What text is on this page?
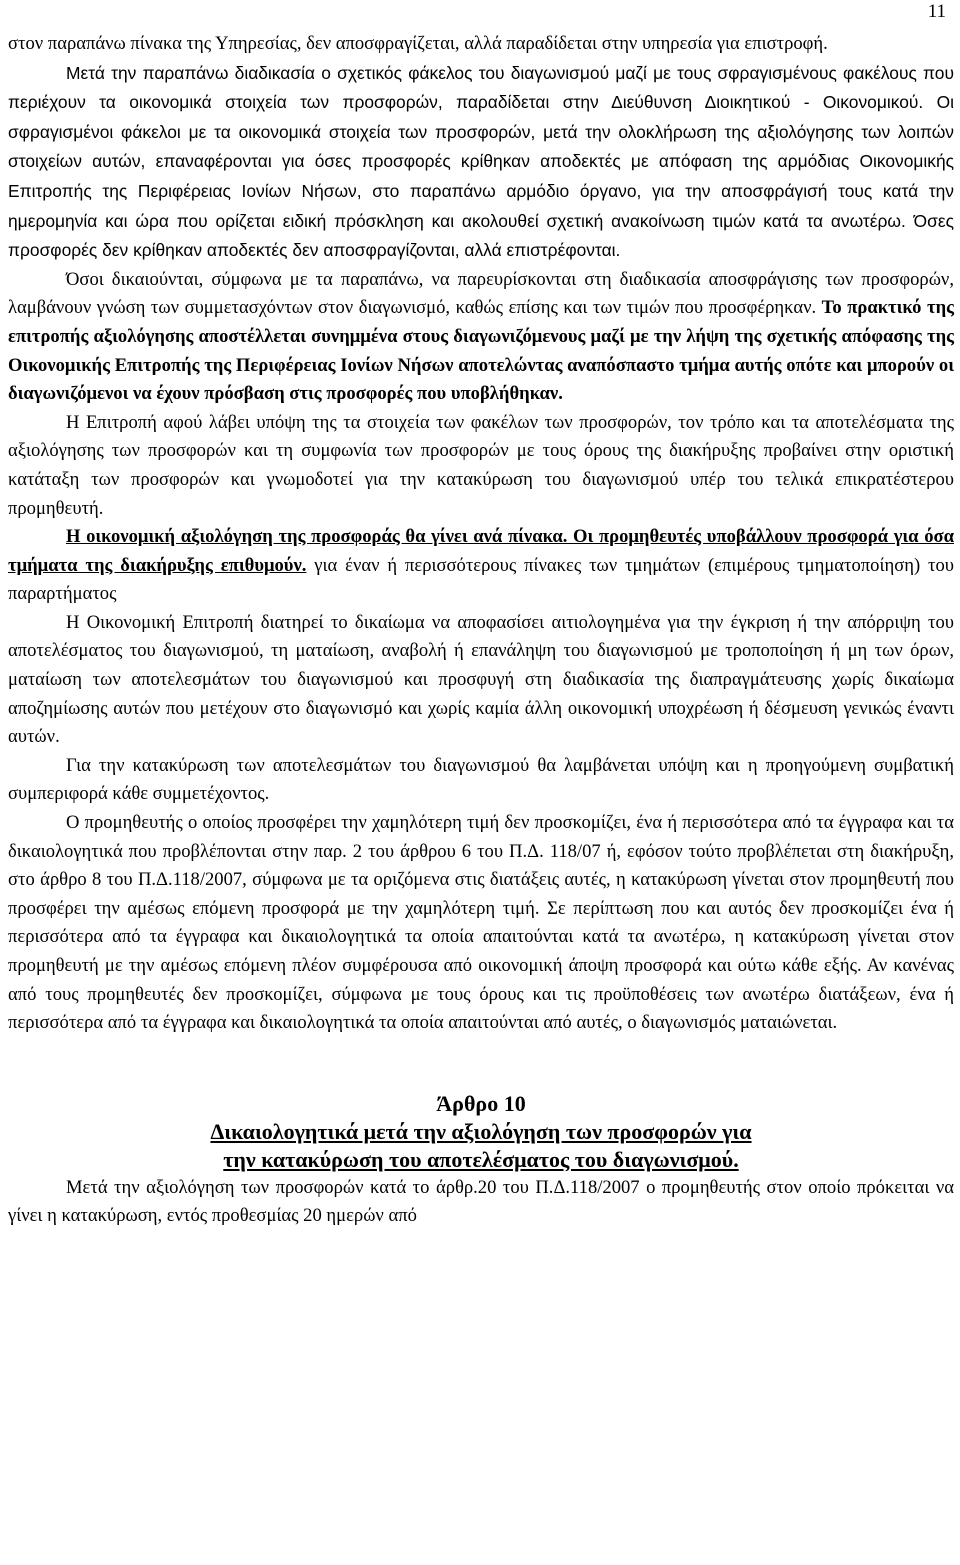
11

στον παραπάνω πίνακα της Υπηρεσίας, δεν αποσφραγίζεται, αλλά παραδίδεται στην υπηρεσία για επιστροφή.

Μετά την παραπάνω διαδικασία ο σχετικός φάκελος του διαγωνισμού μαζί με τους σφραγισμένους φακέλους που περιέχουν τα οικονομικά στοιχεία των προσφορών, παραδίδεται στην Διεύθυνση Διοικητικού - Οικονομικού. Οι σφραγισμένοι φάκελοι με τα οικονομικά στοιχεία των προσφορών, μετά την ολοκλήρωση της αξιολόγησης των λοιπών στοιχείων αυτών, επαναφέρονται για όσες προσφορές κρίθηκαν αποδεκτές με απόφαση της αρμόδιας Οικονομικής Επιτροπής της Περιφέρειας Ιονίων Νήσων, στο παραπάνω αρμόδιο όργανο, για την αποσφράγισή τους κατά την ημερομηνία και ώρα που ορίζεται ειδική πρόσκληση και ακολουθεί σχετική ανακοίνωση τιμών κατά τα ανωτέρω. Όσες προσφορές δεν κρίθηκαν αποδεκτές δεν αποσφραγίζονται, αλλά επιστρέφονται.

Όσοι δικαιούνται, σύμφωνα με τα παραπάνω, να παρευρίσκονται στη διαδικασία αποσφράγισης των προσφορών, λαμβάνουν γνώση των συμμετασχόντων στον διαγωνισμό, καθώς επίσης και των τιμών που προσφέρηκαν. Το πρακτικό της επιτροπής αξιολόγησης αποστέλλεται συνημμένα στους διαγωνιζόμενους μαζί με την λήψη της σχετικής απόφασης της Οικονομικής Επιτροπής της Περιφέρειας Ιονίων Νήσων αποτελώντας αναπόσπαστο τμήμα αυτής οπότε και μπορούν οι διαγωνιζόμενοι να έχουν πρόσβαση στις προσφορές που υποβλήθηκαν.

Η Επιτροπή αφού λάβει υπόψη της τα στοιχεία των φακέλων των προσφορών, τον τρόπο και τα αποτελέσματα της αξιολόγησης των προσφορών και τη συμφωνία των προσφορών με τους όρους της διακήρυξης προβαίνει στην οριστική κατάταξη των προσφορών και γνωμοδοτεί για την κατακύρωση του διαγωνισμού υπέρ του τελικά επικρατέστερου προμηθευτή.

Η οικονομική αξιολόγηση της προσφοράς θα γίνει ανά πίνακα. Οι προμηθευτές υποβάλλουν προσφορά για όσα τμήματα της διακήρυξης επιθυμούν. για έναν ή περισσότερους πίνακες των τμημάτων (επιμέρους τμηματοποίηση) του παραρτήματος

Η Οικονομική Επιτροπή διατηρεί το δικαίωμα να αποφασίσει αιτιολογημένα για την έγκριση ή την απόρριψη του αποτελέσματος του διαγωνισμού, τη ματαίωση, αναβολή ή επανάληψη του διαγωνισμού με τροποποίηση ή μη των όρων, ματαίωση των αποτελεσμάτων του διαγωνισμού και προσφυγή στη διαδικασία της διαπραγμάτευσης χωρίς δικαίωμα αποζημίωσης αυτών που μετέχουν στο διαγωνισμό και χωρίς καμία άλλη οικονομική υποχρέωση ή δέσμευση γενικώς έναντι αυτών.

Για την κατακύρωση των αποτελεσμάτων του διαγωνισμού θα λαμβάνεται υπόψη και η προηγούμενη συμβατική συμπεριφορά κάθε συμμετέχοντος.

Ο προμηθευτής ο οποίος προσφέρει την χαμηλότερη τιμή δεν προσκομίζει, ένα ή περισσότερα από τα έγγραφα και τα δικαιολογητικά που προβλέπονται στην παρ. 2 του άρθρου 6 του Π.Δ. 118/07 ή, εφόσον τούτο προβλέπεται στη διακήρυξη, στο άρθρο 8 του Π.Δ.118/2007, σύμφωνα με τα οριζόμενα στις διατάξεις αυτές, η κατακύρωση γίνεται στον προμηθευτή που προσφέρει την αμέσως επόμενη προσφορά με την χαμηλότερη τιμή. Σε περίπτωση που και αυτός δεν προσκομίζει ένα ή περισσότερα από τα έγγραφα και δικαιολογητικά τα οποία απαιτούνται κατά τα ανωτέρω, η κατακύρωση γίνεται στον προμηθευτή με την αμέσως επόμενη πλέον συμφέρουσα από οικονομική άποψη προσφορά και ούτω κάθε εξής. Αν κανένας από τους προμηθευτές δεν προσκομίζει, σύμφωνα με τους όρους και τις προϋποθέσεις των ανωτέρω διατάξεων, ένα ή περισσότερα από τα έγγραφα και δικαιολογητικά τα οποία απαιτούνται από αυτές, ο διαγωνισμός ματαιώνεται.

Άρθρο 10

Δικαιολογητικά μετά την αξιολόγηση των προσφορών για

την κατακύρωση του αποτελέσματος του διαγωνισμού.

Μετά την αξιολόγηση των προσφορών κατά το άρθρ.20 του Π.Δ.118/2007 ο προμηθευτής στον οποίο πρόκειται να γίνει η κατακύρωση, εντός προθεσμίας 20 ημερών από
